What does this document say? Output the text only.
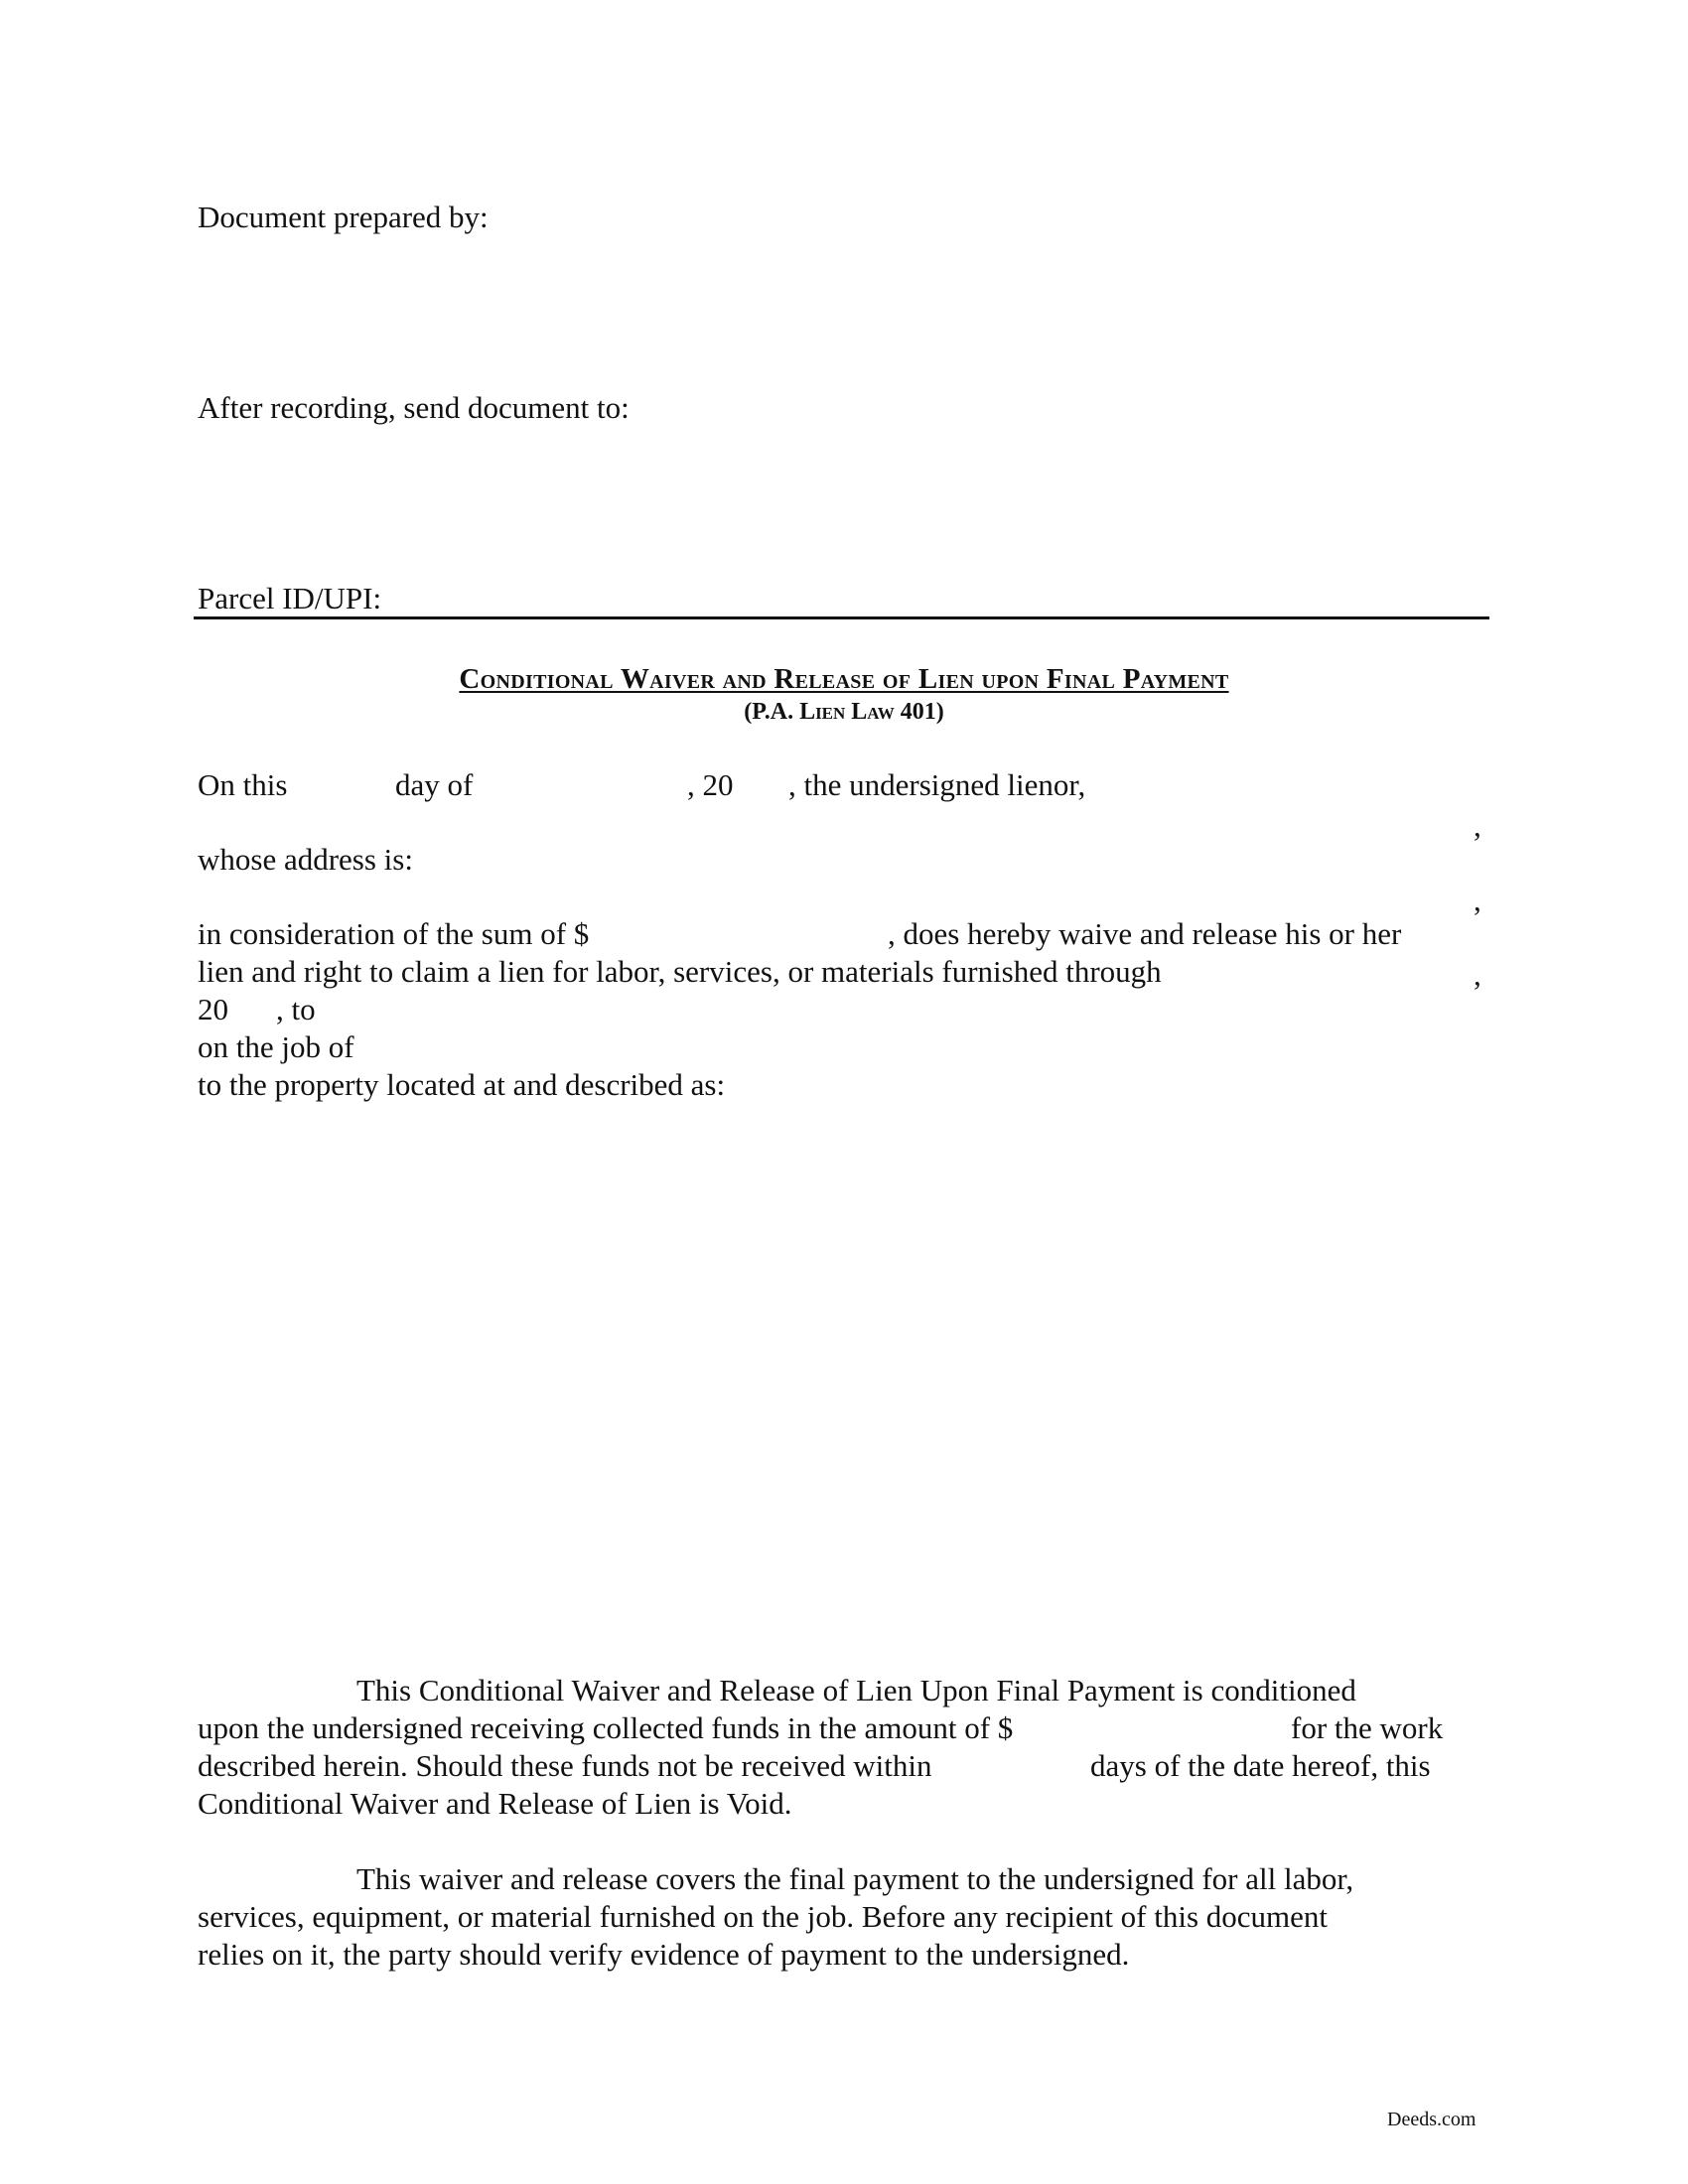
Document prepared by:
After recording, send document to:
Parcel ID/UPI:
Conditional Waiver and Release of Lien upon Final Payment
(P.A. Lien Law 401)
On this	day of	, 20 , the undersigned lienor,
,
whose address is:
,
in consideration of the sum of $	, does hereby waive and release his or her
lien and right to claim a lien for labor, services, or materials furnished through	,
20 , to
on the job of
to the property located at and described as:
This Conditional Waiver and Release of Lien Upon Final Payment is conditioned
upon the undersigned receiving collected funds in the amount of $	for the work
described herein. Should these funds not be received within	days of the date hereof, this
Conditional Waiver and Release of Lien is Void.
This waiver and release covers the final payment to the undersigned for all labor,
services, equipment, or material furnished on the job. Before any recipient of this document
relies on it, the party should verify evidence of payment to the undersigned.
Deeds.com
